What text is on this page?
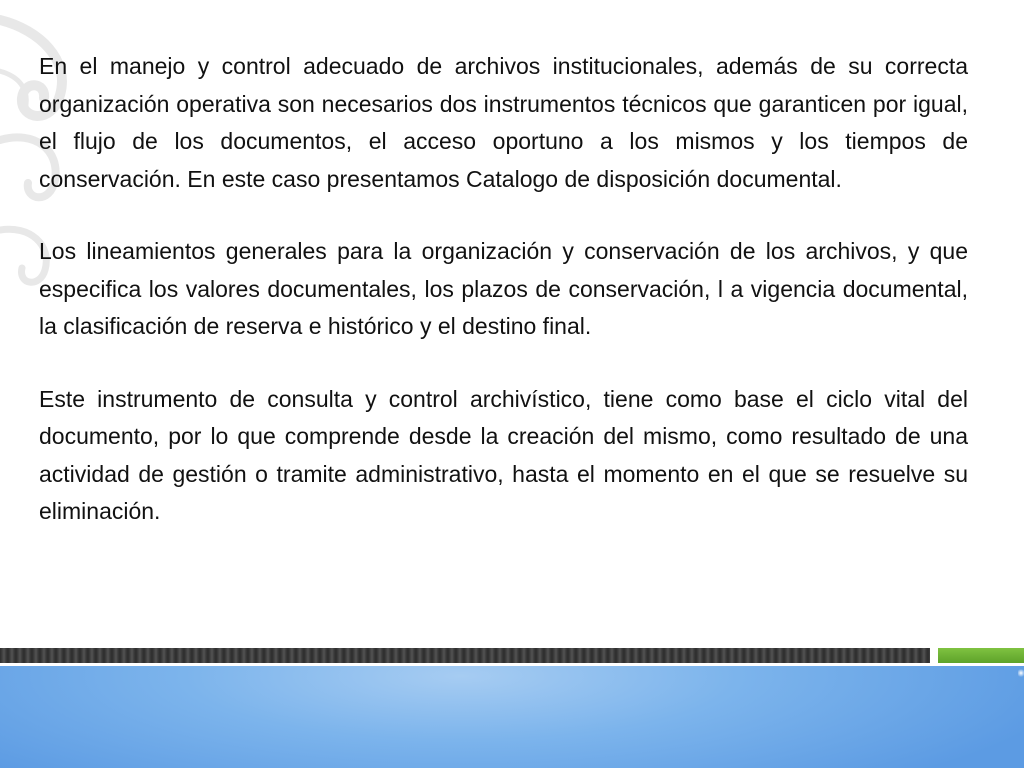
En el manejo y control adecuado de archivos institucionales, además de su correcta organización operativa son necesarios dos instrumentos técnicos que garanticen por igual, el flujo de los documentos, el acceso oportuno a los mismos y los tiempos de conservación. En este caso presentamos Catalogo de disposición documental.

Los lineamientos generales para la organización y conservación de los archivos, y que especifica los valores documentales, los plazos de conservación, l a vigencia documental, la clasificación de reserva e histórico y el destino final.

Este instrumento de consulta y control archivístico, tiene como base el ciclo vital del documento, por lo que comprende desde la creación del mismo, como resultado de una actividad de gestión o tramite administrativo, hasta el momento en el que se resuelve su eliminación.
